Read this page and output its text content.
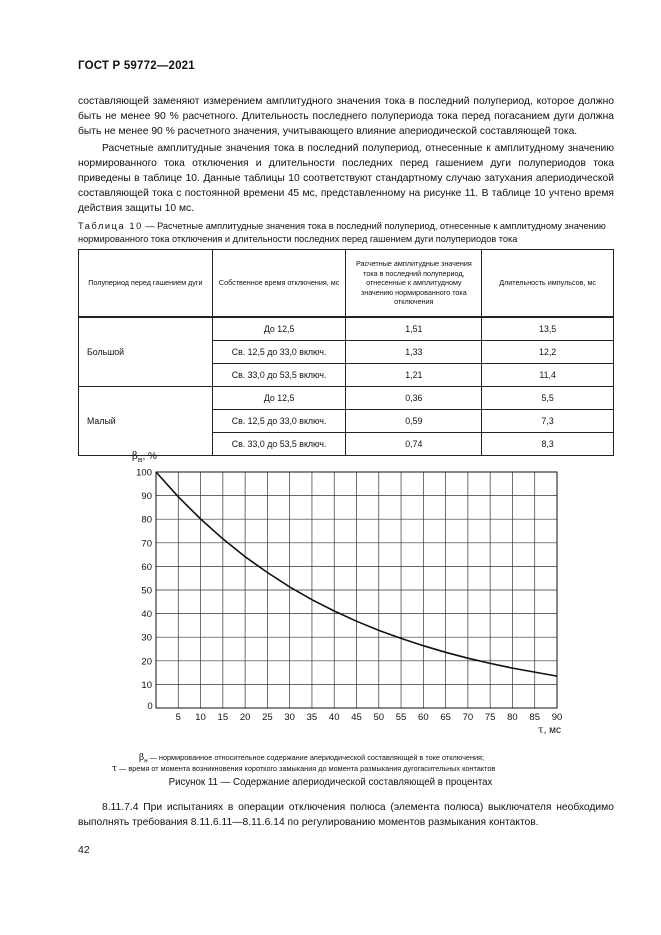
ГОСТ Р 59772—2021

составляющей заменяют измерением амплитудного значения тока в последний полупериод, которое должно быть не менее 90 % расчетного. Длительность последнего полупериода тока перед погасанием дуги должна быть не менее 90 % расчетного значения, учитывающего влияние апериодической составляющей тока.

Расчетные амплитудные значения тока в последний полупериод, отнесенные к амплитудному значению нормированного тока отключения и длительности последних перед гашением дуги полупериодов тока приведены в таблице 10. Данные таблицы 10 соответствуют стандартному случаю затухания апериодической составляющей тока с постоянной времени 45 мс, представленному на рисунке 11. В таблице 10 учтено время действия защиты 10 мс.

Таблица 10 — Расчетные амплитудные значения тока в последний полупериод, отнесенные к амплитудному значению нормированного тока отключения и длительности последних перед гашением дуги полупериодов тока

Полупериод перед гашением дуги	Собственное время отключения, мс	Расчетные амплитудные значения тока в последний полупериод, отнесенные к амплитудному значению нормированного тока отключения	Длительность импульсов, мс
Большой	До 12,5	1,51	13,5
	Св. 12,5 до 33,0 включ.	1,33	12,2
	Св. 33,0 до 53,5 включ.	1,21	11,4
Малый	До 12,5	0,36	5,5
	Св. 12,5 до 33,0 включ.	0,59	7,3
	Св. 33,0 до 53,5 включ.	0,74	8,3
0
5 10 15 20 25 30 35 40 45 50 55 60 65 70 75 80 85 90
10
20
30
40
50
60
70
80
90
100
$\beta_н$, %
τ, мс
$\beta_н$ — нормированное относительное содержание апериодической составляющей в токе отключения;
τ — время от момента возникновения короткого замыкания до момента размыкания дугогасительных контактов
Рисунок 11 — Содержание апериодической составляющей в процентах

8.11.7.4 При испытаниях в операции отключения полюса (элемента полюса) выключателя необходимо выполнять требования 8.11.6.11—8.11.6.14 по регулированию моментов размыкания контактов.

42
